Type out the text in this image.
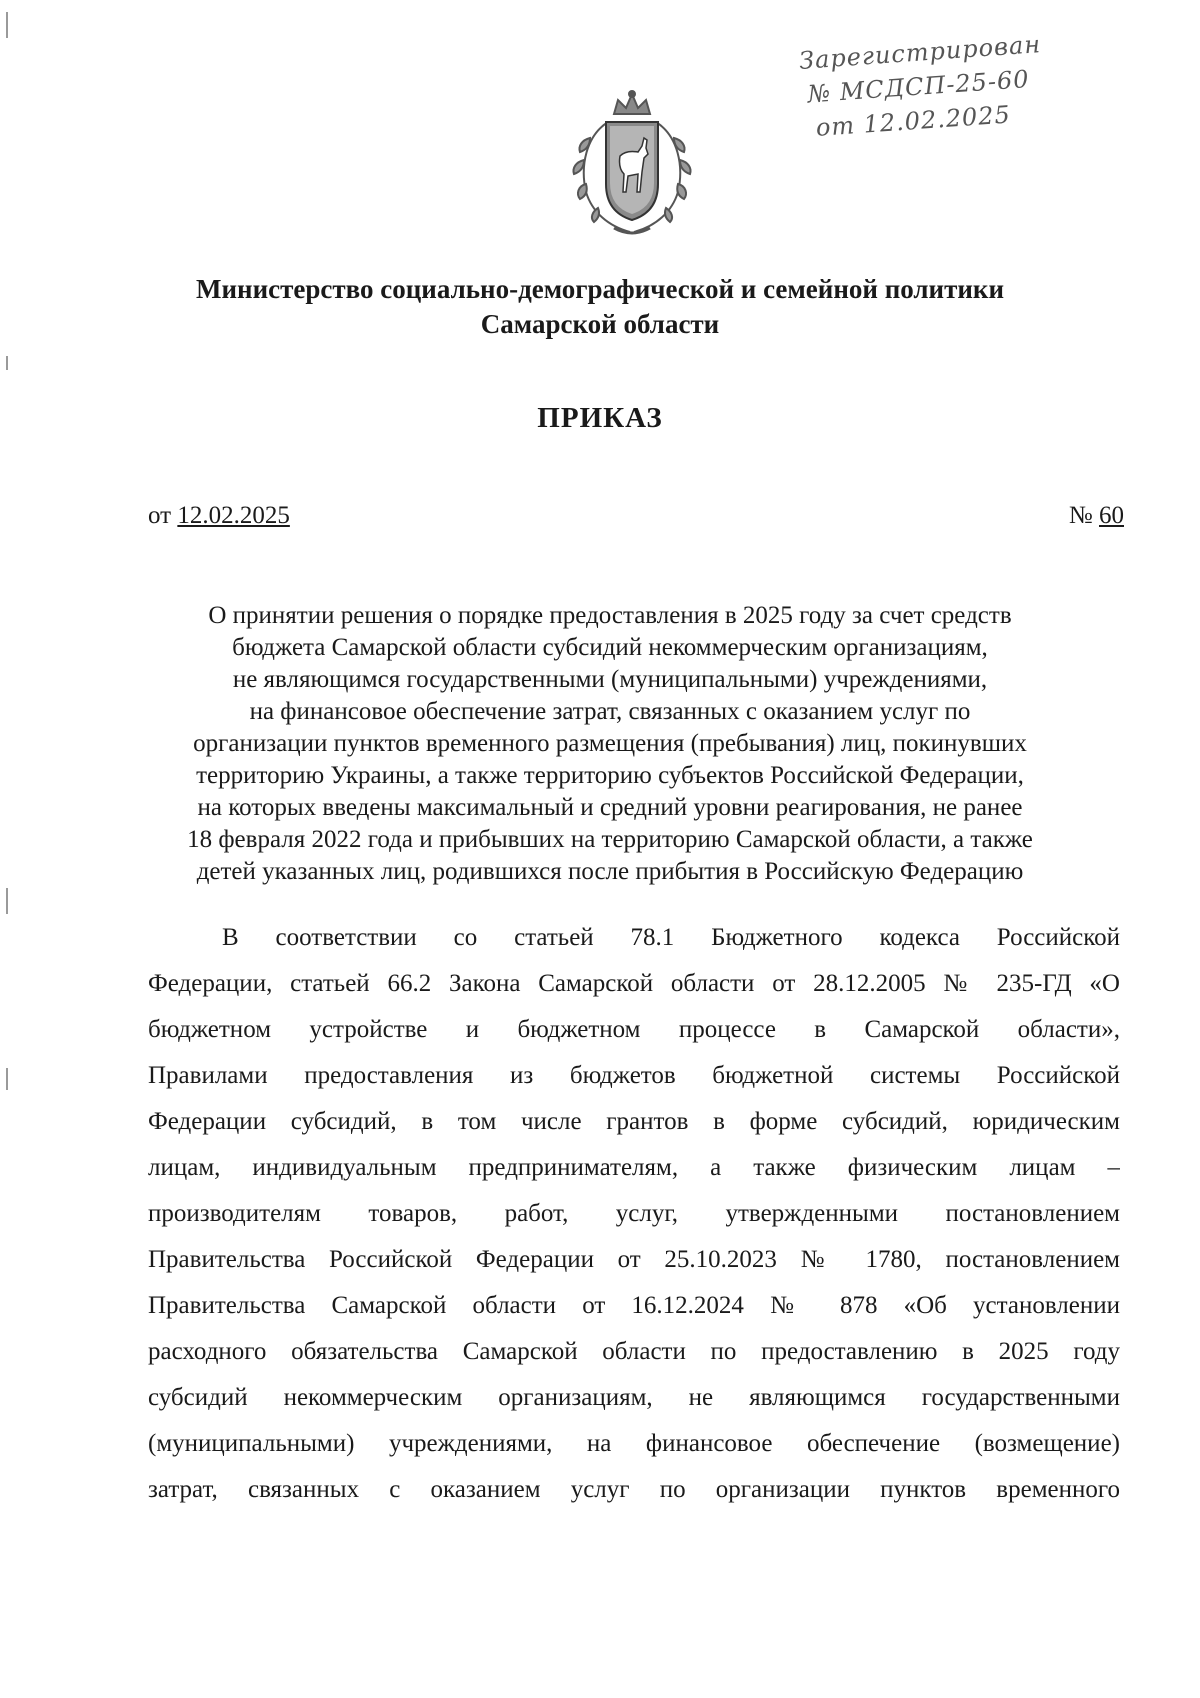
Зарегистрирован
№ МСДСП-25-60
от 12.02.2025
Министерство социально-демографической и семейной политики
Самарской области
ПРИКАЗ
от 12.02.2025	№ 60
О принятии решения о порядке предоставления в 2025 году за счет средств
бюджета Самарской области субсидий некоммерческим организациям,
не являющимся государственными (муниципальными) учреждениями,
на финансовое обеспечение затрат, связанных с оказанием услуг по
организации пунктов временного размещения (пребывания) лиц, покинувших
территорию Украины, а также территорию субъектов Российской Федерации,
на которых введены максимальный и средний уровни реагирования, не ранее
18 февраля 2022 года и прибывших на территорию Самарской области, а также
детей указанных лиц, родившихся после прибытия в Российскую Федерацию
В соответствии со статьей 78.1 Бюджетного кодекса Российской
Федерации, статьей 66.2 Закона Самарской области от 28.12.2005 № 235-ГД «О
бюджетном устройстве и бюджетном процессе в Самарской области»,
Правилами предоставления из бюджетов бюджетной системы Российской
Федерации субсидий, в том числе грантов в форме субсидий, юридическим
лицам, индивидуальным предпринимателям, а также физическим лицам –
производителям товаров, работ, услуг, утвержденными постановлением
Правительства Российской Федерации от 25.10.2023 № 1780, постановлением
Правительства Самарской области от 16.12.2024 № 878 «Об установлении
расходного обязательства Самарской области по предоставлению в 2025 году
субсидий некоммерческим организациям, не являющимся государственными
(муниципальными) учреждениями, на финансовое обеспечение (возмещение)
затрат, связанных с оказанием услуг по организации пунктов временного
